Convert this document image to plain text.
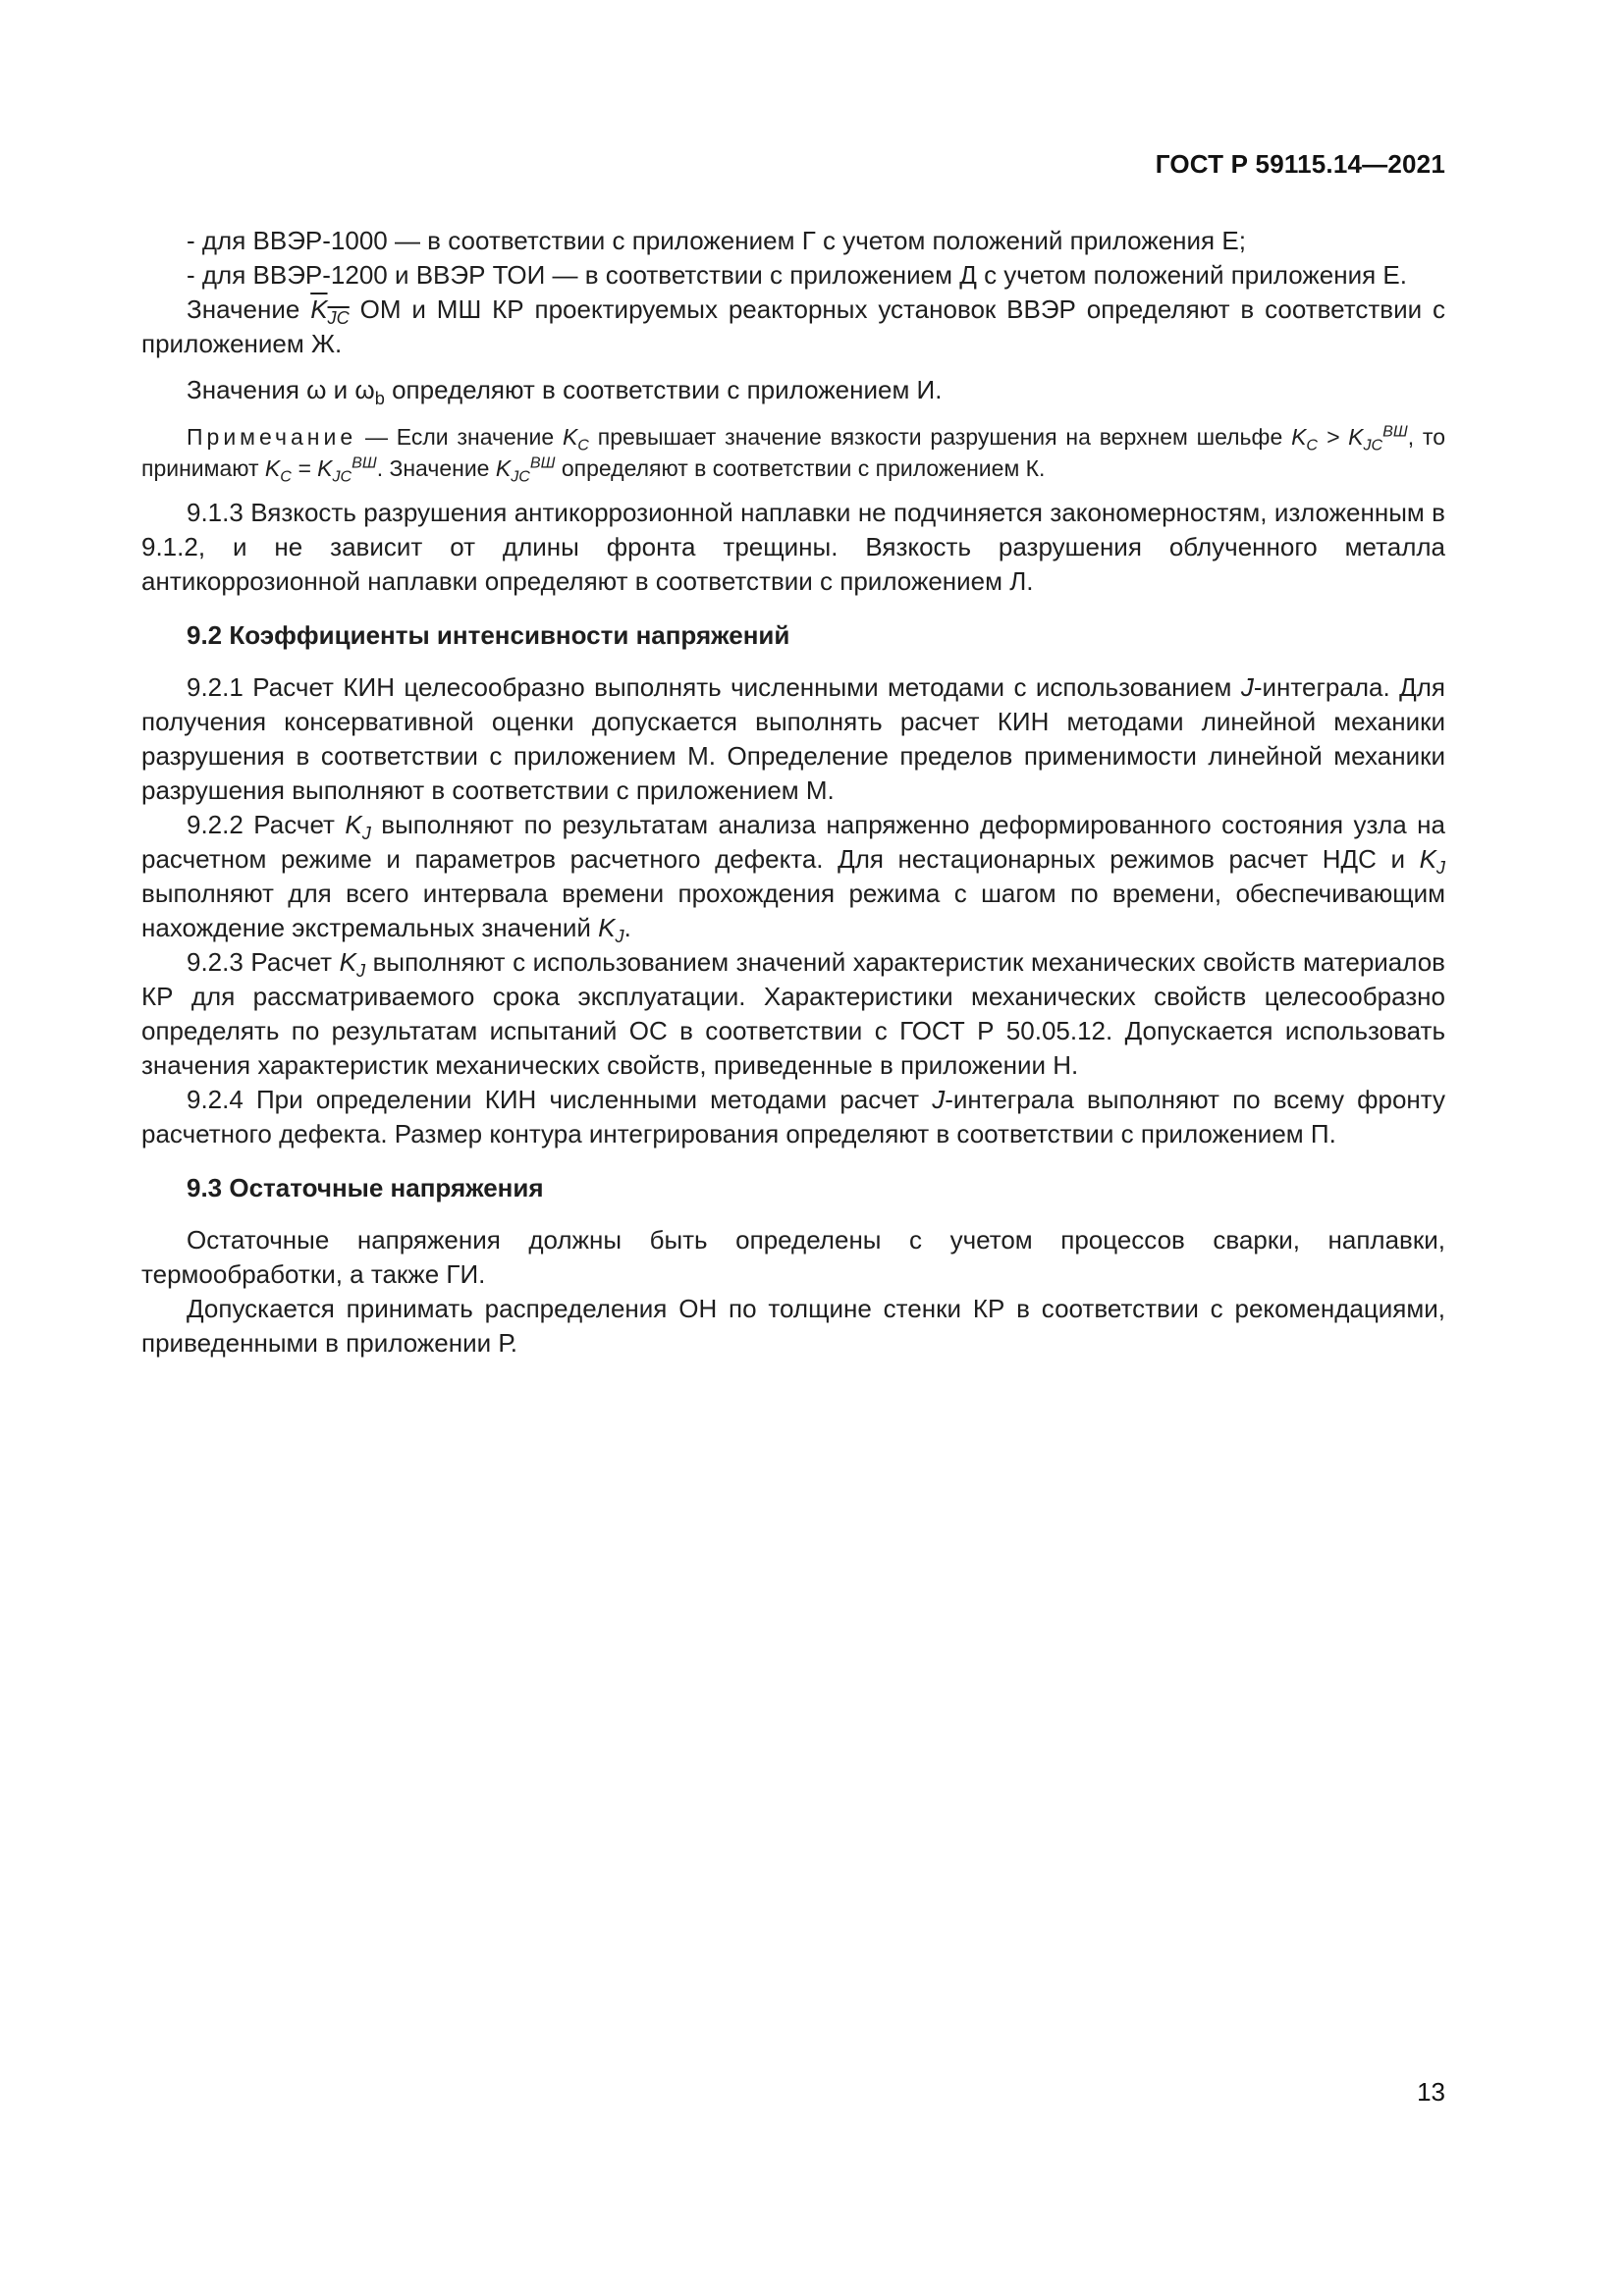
ГОСТ Р 59115.14—2021

- для ВВЭР-1000 — в соответствии с приложением Г с учетом положений приложения Е;

- для ВВЭР-1200 и ВВЭР ТОИ — в соответствии с приложением Д с учетом положений приложения Е.

Значение $K_{JC}$ ОМ и МШ КР проектируемых реакторных установок ВВЭР определяют в соответствии с приложением Ж.

Значения ω и $\omega_b$ определяют в соответствии с приложением И.

Примечание — Если значение $K_C$ превышает значение вязкости разрушения на верхнем шельфе $K_C > K_{JC}^{ВШ}$, то принимают $K_C = K_{JC}^{ВШ}$. Значение $K_{JC}^{ВШ}$ определяют в соответствии с приложением К.

9.1.3 Вязкость разрушения антикоррозионной наплавки не подчиняется закономерностям, изложенным в 9.1.2, и не зависит от длины фронта трещины. Вязкость разрушения облученного металла антикоррозионной наплавки определяют в соответствии с приложением Л.

9.2 Коэффициенты интенсивности напряжений

9.2.1 Расчет КИН целесообразно выполнять численными методами с использованием J-интеграла. Для получения консервативной оценки допускается выполнять расчет КИН методами линейной механики разрушения в соответствии с приложением М. Определение пределов применимости линейной механики разрушения выполняют в соответствии с приложением М.

9.2.2 Расчет $K_J$ выполняют по результатам анализа напряженно деформированного состояния узла на расчетном режиме и параметров расчетного дефекта. Для нестационарных режимов расчет НДС и $K_J$ выполняют для всего интервала времени прохождения режима с шагом по времени, обеспечивающим нахождение экстремальных значений $K_J$.

9.2.3 Расчет $K_J$ выполняют с использованием значений характеристик механических свойств материалов КР для рассматриваемого срока эксплуатации. Характеристики механических свойств целесообразно определять по результатам испытаний ОС в соответствии с ГОСТ Р 50.05.12. Допускается использовать значения характеристик механических свойств, приведенные в приложении Н.

9.2.4 При определении КИН численными методами расчет J-интеграла выполняют по всему фронту расчетного дефекта. Размер контура интегрирования определяют в соответствии с приложением П.

9.3 Остаточные напряжения

Остаточные напряжения должны быть определены с учетом процессов сварки, наплавки, термообработки, а также ГИ.

Допускается принимать распределения ОН по толщине стенки КР в соответствии с рекомендациями, приведенными в приложении Р.

13
